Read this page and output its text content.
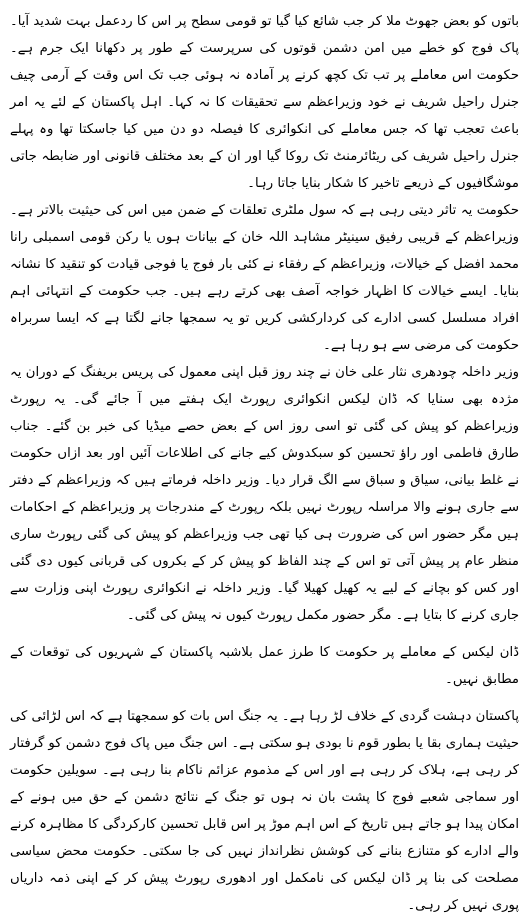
باتوں کو بعض جھوٹ ملا کر جب شائع کیا گیا تو قومی سطح پر اس کا ردعمل بہت شدید آیا۔ پاک فوج کو خطے میں امن دشمن قوتوں کی سرپرست کے طور پر دکھانا ایک جرم ہے۔ حکومت اس معاملے پر تب تک کچھ کرنے پر آمادہ نہ ہوئی جب تک اس وقت کے آرمی چیف جنرل راحیل شریف نے خود وزیراعظم سے تحقیقات کا نہ کہا۔ اہل پاکستان کے لئے یہ امر باعث تعجب تھا کہ جس معاملے کی انکوائری کا فیصلہ دو دن میں کیا جاسکتا تھا وہ پہلے جنرل راحیل شریف کی ریٹائرمنٹ تک روکا گیا اور ان کے بعد مختلف قانونی اور ضابطہ جاتی موشگافیوں کے ذریعے تاخیر کا شکار بنایا جاتا رہا۔

حکومت یہ تاثر دیتی رہی ہے کہ سول ملٹری تعلقات کے ضمن میں اس کی حیثیت بالاتر ہے۔ وزیراعظم کے قریبی رفیق سینیٹر مشاہد اللہ خان کے بیانات ہوں یا رکن قومی اسمبلی رانا محمد افضل کے خیالات، وزیراعظم کے رفقاء نے کئی بار فوج یا فوجی قیادت کو تنقید کا نشانہ بنایا۔ ایسے خیالات کا اظہار خواجہ آصف بھی کرتے رہے ہیں۔ جب حکومت کے انتہائی اہم افراد مسلسل کسی ادارے کی کردارکشی کریں تو یہ سمجھا جانے لگتا ہے کہ ایسا سربراہ حکومت کی مرضی سے ہو رہا ہے۔

وزیر داخلہ چودھری نثار علی خان نے چند روز قبل اپنی معمول کی پریس بریفنگ کے دوران یہ مژدہ بھی سنایا کہ ڈان لیکس انکوائری رپورٹ ایک ہفتے میں آ جائے گی۔ یہ رپورٹ وزیراعظم کو پیش کی گئی تو اسی روز اس کے بعض حصے میڈیا کی خبر بن گئے۔ جناب طارق فاطمی اور راؤ تحسین کو سبکدوش کیے جانے کی اطلاعات آئیں اور بعد ازاں حکومت نے غلط بیانی، سیاق و سباق سے الگ قرار دیا۔ وزیر داخلہ فرماتے ہیں کہ وزیراعظم کے دفتر سے جاری ہونے والا مراسلہ رپورٹ نہیں بلکہ رپورٹ کے مندرجات پر وزیراعظم کے احکامات ہیں مگر حضور اس کی ضرورت ہی کیا تھی جب وزیراعظم کو پیش کی گئی رپورٹ ساری منظر عام پر پیش آتی تو اس کے چند الفاظ کو پیش کر کے بکروں کی قربانی کیوں دی گئی اور کس کو بچانے کے لیے یہ کھیل کھیلا گیا۔ وزیر داخلہ نے انکوائری رپورٹ اپنی وزارت سے جاری کرنے کا بتایا ہے۔ مگر حضور مکمل رپورٹ کیوں نہ پیش کی گئی۔

ڈان لیکس کے معاملے پر حکومت کا طرز عمل بلاشبہ پاکستان کے شہریوں کی توقعات کے مطابق نہیں۔

پاکستان دہشت گردی کے خلاف لڑ رہا ہے۔ یہ جنگ اس بات کو سمجھتا ہے کہ اس لڑائی کی حیثیت ہماری بقا یا بطور قوم نا بودی ہو سکتی ہے۔ اس جنگ میں پاک فوج دشمن کو گرفتار کر رہی ہے، ہلاک کر رہی ہے اور اس کے مذموم عزائم ناکام بنا رہی ہے۔ سویلین حکومت اور سماجی شعبے فوج کا پشت بان نہ ہوں تو جنگ کے نتائج دشمن کے حق میں ہونے کے امکان پیدا ہو جاتے ہیں تاریخ کے اس اہم موڑ پر اس قابل تحسین کارکردگی کا مظاہرہ کرنے والے ادارے کو متنازع بنانے کی کوشش نظرانداز نہیں کی جا سکتی۔ حکومت محض سیاسی مصلحت کی بنا پر ڈان لیکس کی نامکمل اور ادھوری رپورٹ پیش کر کے اپنی ذمہ داریاں پوری نہیں کر رہی۔
